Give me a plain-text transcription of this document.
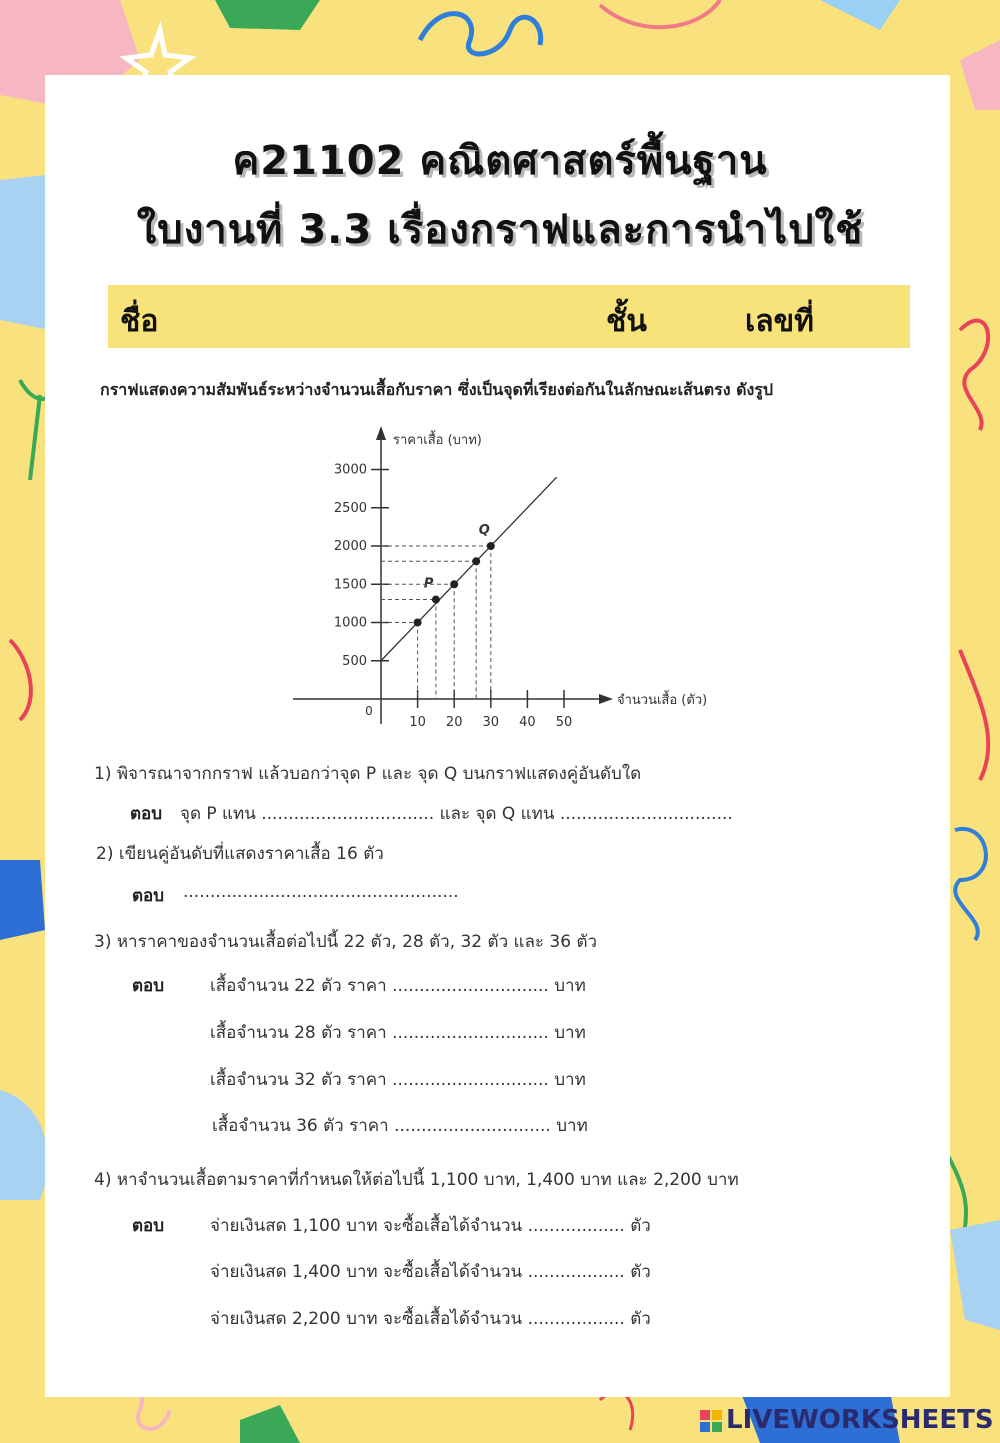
ค21102 คณิตศาสตร์พื้นฐาน
ใบงานที่ 3.3 เรื่องกราฟและการนำไปใช้
ชื่อ	ชั้น	เลขที่
กราฟแสดงความสัมพันธ์ระหว่างจำนวนเสื้อกับราคา ซึ่งเป็นจุดที่เรียงต่อกันในลักษณะเส้นตรง ดังรูป
ราคาเสื้อ (บาท)
จำนวนเสื้อ (ตัว)
0
10 20 30 40 50
500
1000
1500
2000
2500
3000
P
Q
1) พิจารณาจากกราฟ แล้วบอกว่าจุด P และ จุด Q บนกราฟแสดงคู่อันดับใด
ตอบ จุด P แทน ................................ และ จุด Q แทน ................................
2) เขียนคู่อันดับที่แสดงราคาเสื้อ 16 ตัว
ตอบ ...................................................
3) หาราคาของจำนวนเสื้อต่อไปนี้ 22 ตัว, 28 ตัว, 32 ตัว และ 36 ตัว
ตอบ	เสื้อจำนวน 22 ตัว ราคา ............................. บาท
เสื้อจำนวน 28 ตัว ราคา ............................. บาท
เสื้อจำนวน 32 ตัว ราคา ............................. บาท
เสื้อจำนวน 36 ตัว ราคา ............................. บาท
4) หาจำนวนเสื้อตามราคาที่กำหนดให้ต่อไปนี้ 1,100 บาท, 1,400 บาท และ 2,200 บาท
ตอบ	จ่ายเงินสด 1,100 บาท จะซื้อเสื้อได้จำนวน .................. ตัว
จ่ายเงินสด 1,400 บาท จะซื้อเสื้อได้จำนวน .................. ตัว
จ่ายเงินสด 2,200 บาท จะซื้อเสื้อได้จำนวน .................. ตัว
LIVEWORKSHEETS
